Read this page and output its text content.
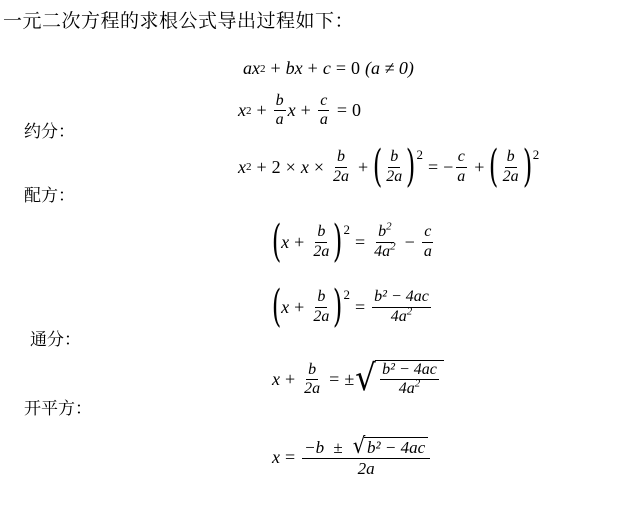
一元二次方程的求根公式导出过程如下：
a x 2 + b x + c = 0 (a ≠ 0)
约分：
x $2 + \frac{b}{a}$ $x + \frac{c}{a} = 0$
配方：
x $2 + 2 \times x \times \frac{b}{2a}$ + ( $\frac{b}{2a}$ ) 2
= − $\frac{c}{a}$ + ( $\frac{b}{2a}$ ) 2
( $x + \frac{b}{2a}$ ) 2
= $\frac{b^2}{4a^2} - \frac{c}{a}$
通分：
( $x + \frac{b}{2a}$ ) 2
= $\frac{\text{b² − 4ac}}{4a^2}$
开平方：
$x + \frac{b}{2a}$ = ± √ $\frac{\text{b² − 4ac}}{4a^2}$
$x = \frac{\text{−b ± √ b² − 4ac}}{2a}$
